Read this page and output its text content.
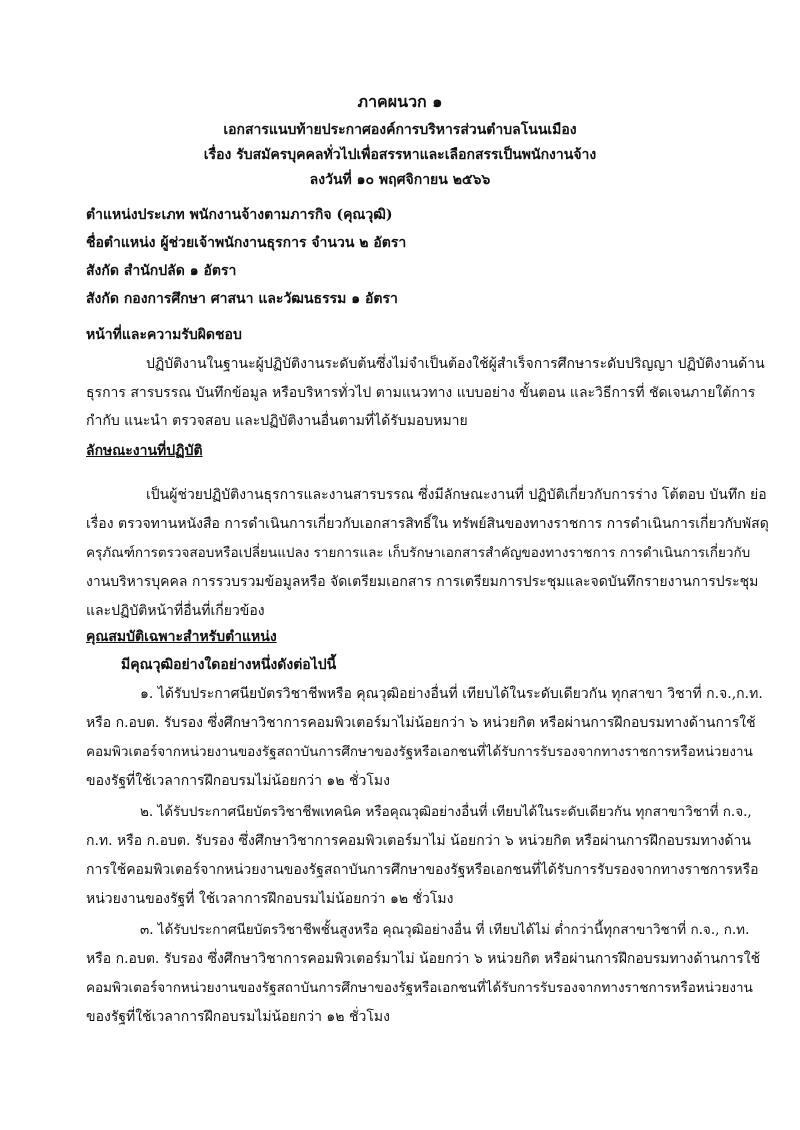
ภาคผนวก ๑
เอกสารแนบท้ายประกาศองค์การบริหารส่วนตำบลโนนเมือง
เรื่อง รับสมัครบุคคลทั่วไปเพื่อสรรหาและเลือกสรรเป็นพนักงานจ้าง
ลงวันที่ ๑๐ พฤศจิกายน ๒๕๖๖
ตำแหน่งประเภท พนักงานจ้างตามภารกิจ (คุณวุฒิ)
ชื่อตำแหน่ง ผู้ช่วยเจ้าพนักงานธุรการ จำนวน ๒ อัตรา
สังกัด สำนักปลัด ๑ อัตรา
สังกัด กองการศึกษา ศาสนา และวัฒนธรรม ๑ อัตรา
หน้าที่และความรับผิดชอบ
ปฏิบัติงานในฐานะผู้ปฏิบัติงานระดับต้นซึ่งไม่จำเป็นต้องใช้ผู้สำเร็จการศึกษาระดับปริญญา ปฏิบัติงานด้าน
ธุรการ สารบรรณ บันทึกข้อมูล หรือบริหารทั่วไป ตามแนวทาง แบบอย่าง ขั้นตอน และวิธีการที่ ชัดเจนภายใต้การ
กำกับ แนะนำ ตรวจสอบ และปฏิบัติงานอื่นตามที่ได้รับมอบหมาย
ลักษณะงานที่ปฏิบัติ
เป็นผู้ช่วยปฏิบัติงานธุรการและงานสารบรรณ ซึ่งมีลักษณะงานที่ ปฏิบัติเกี่ยวกับการร่าง โต้ตอบ บันทึก ย่อ
เรื่อง ตรวจทานหนังสือ การดำเนินการเกี่ยวกับเอกสารสิทธิ์ใน ทรัพย์สินของทางราชการ การดำเนินการเกี่ยวกับพัสดุ
ครุภัณฑ์การตรวจสอบหรือเปลี่ยนแปลง รายการและ เก็บรักษาเอกสารสำคัญของทางราชการ การดำเนินการเกี่ยวกับ
งานบริหารบุคคล การรวบรวมข้อมูลหรือ จัดเตรียมเอกสาร การเตรียมการประชุมและจดบันทึกรายงานการประชุม
และปฏิบัติหน้าที่อื่นที่เกี่ยวข้อง
คุณสมบัติเฉพาะสำหรับตำแหน่ง
มีคุณวุฒิอย่างใดอย่างหนึ่งดังต่อไปนี้
๑. ได้รับประกาศนียบัตรวิชาชีพหรือ คุณวุฒิอย่างอื่นที่ เทียบได้ในระดับเดียวกัน ทุกสาขา วิชาที่ ก.จ.,ก.ท.
หรือ ก.อบต. รับรอง ซึ่งศึกษาวิชาการคอมพิวเตอร์มาไม่น้อยกว่า ๖ หน่วยกิต หรือผ่านการฝึกอบรมทางด้านการใช้
คอมพิวเตอร์จากหน่วยงานของรัฐสถาบันการศึกษาของรัฐหรือเอกชนที่ได้รับการรับรองจากทางราชการหรือหน่วยงาน
ของรัฐที่ใช้เวลาการฝึกอบรมไม่น้อยกว่า ๑๒ ชั่วโมง
๒. ได้รับประกาศนียบัตรวิชาชีพเทคนิค หรือคุณวุฒิอย่างอื่นที่ เทียบได้ในระดับเดียวกัน ทุกสาขาวิชาที่ ก.จ.,
ก.ท. หรือ ก.อบต. รับรอง ซึ่งศึกษาวิชาการคอมพิวเตอร์มาไม่ น้อยกว่า ๖ หน่วยกิต หรือผ่านการฝึกอบรมทางด้าน
การใช้คอมพิวเตอร์จากหน่วยงานของรัฐสถาบันการศึกษาของรัฐหรือเอกชนที่ได้รับการรับรองจากทางราชการหรือ
หน่วยงานของรัฐที่ ใช้เวลาการฝึกอบรมไม่น้อยกว่า ๑๒ ชั่วโมง
๓. ได้รับประกาศนียบัตรวิชาชีพชั้นสูงหรือ คุณวุฒิอย่างอื่น ที่ เทียบได้ไม่ ต่ำกว่านี้ทุกสาขาวิชาที่ ก.จ., ก.ท.
หรือ ก.อบต. รับรอง ซึ่งศึกษาวิชาการคอมพิวเตอร์มาไม่ น้อยกว่า ๖ หน่วยกิต หรือผ่านการฝึกอบรมทางด้านการใช้
คอมพิวเตอร์จากหน่วยงานของรัฐสถาบันการศึกษาของรัฐหรือเอกชนที่ได้รับการรับรองจากทางราชการหรือหน่วยงาน
ของรัฐที่ใช้เวลาการฝึกอบรมไม่น้อยกว่า ๑๒ ชั่วโมง
